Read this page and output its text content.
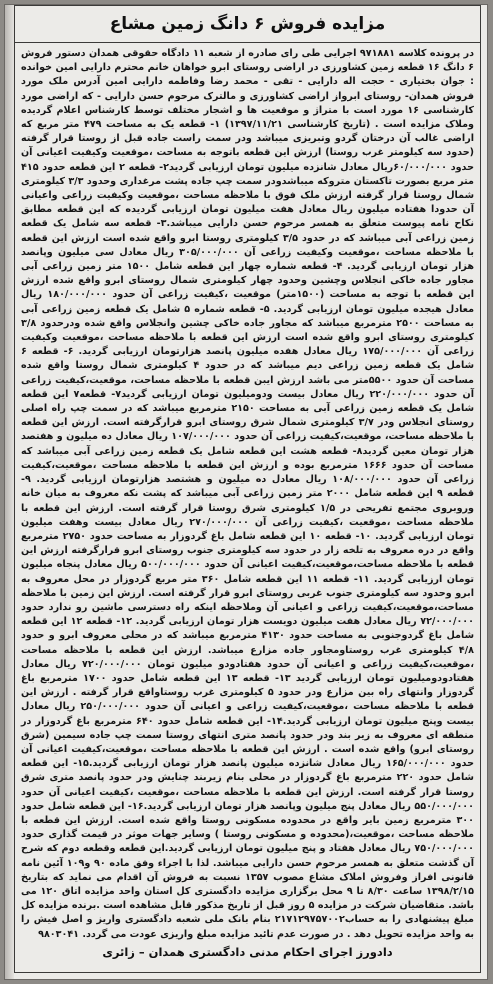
مزایده فروش ۶ دانگ زمین مشاع

در پرونده کلاسه ۹۷۱۸۸۱ اجرایی طی رای صادره از شعبه ۱۱ دادگاه حقوقی همدان دستور فروش ۶ دانگ ۱۶ قطعه زمین کشاورزی در اراضی روستای ابرو خواهان خانم محترم دارایی امین خوانده : جوان بختیاری - حجت اله دارایی - تقی - محمد رضا وفاطمه دارایی امین آدرس ملک مورد فروش همدان- روستای ابرواز اراضی کشاورزی و مالترک مرحوم حسن دارایی - که اراضی مورد کارشناسی ۱۶ مورد است با متراژ و موقعیت ها و اشجار مختلف توسط کارشناس اعلام گردیده وملاک مزایده است . (تاریخ کارشناسی ۱۳۹۷/۱۱/۲۱) ۱- قطعه یک به مساحت ۴۷۹ متر مربع که اراضی غالب آن درختان گردو وتبریزی میباشد ودر سمت راست جاده قبل از روستا قرار گرفته (حدود سه کیلومتر غرب روستا) ارزش این قطعه باتوجه به مساحت ،موقعیت وکیفیت اعیانی آن حدود ۶۰/۰۰۰/۰۰۰ریال معادل شانزده میلیون تومان ارزیابی گردید۲- قطعه ۲ این قطعه حدود ۴۱۵ متر مربع بصورت تاکستان متروکه میباشدودر سمت چپ جاده پشت مرغداری وحدود ۳/۳ کیلومتری شمال روستا قرار گرفته ارزش ملک فوق با ملاحظه مساحت ،موقعیت وکیفیت زراعی واعیانی آن حدودا هفتاده میلیون ریال معادل هفت میلیون تومان ارزیابی گردیده که این قطعه مطابق نکاح نامه پیوست متعلق به همسر مرحوم حسن دارایی میباشد.۳- قطعه سه شامل یک قطعه زمین زراعی آبی میباشد که در حدود ۳/۵ کیلومتری روستا ابرو واقع شده است ارزش این قطعه با ملاحظه مساحت ،موقعیت وکیفیت زراعی آن ۳۰۵/۰۰۰/۰۰۰ ریال معادل سی میلیون وپانصد هزار تومان ارزیابی گردید. ۴- قطعه شماره چهار این قطعه شامل ۱۵۰۰ متر زمین زراعی آبی مجاور جاده خاکی انجلاس وچشین وحدود چهار کیلومتری شمال روستای ابرو واقع شده ارزش این قطعه با توجه به مساحت (۱۵۰۰متر) موقعیت ،کیفیت زراعی آن حدود ۱۸۰/۰۰۰/۰۰۰ ریال معادل هیجده میلیون تومان ارزیابی گردید. ۵- قطعه شماره ۵ شامل یک قطعه زمین زراعی آبی به مساحت ۲۵۰۰ مترمربع میباشد که مجاور جاده خاکی چشین وانجلاس واقع شده ودرحدود ۳/۸ کیلومتری روستای ابرو واقع شده است ارزش این قطعه با ملاحظه مساحت ،موقعیت وکیفیت زراعی آن ۱۷۵/۰۰۰/۰۰۰ ریال معادل هفده میلیون پانصد هزارتومان ارزیابی گردید. ۶- قطعه ۶ شامل یک قطعه زمین زراعی دیم میباشد که در حدود ۴ کیلومتری شمال روستا واقع شده مساحت آن حدود ۵۵۰۰متر می باشد ارزش ایبن قطعه با ملاحظه مساحت، موقعیت،کیفیت زراعی آن حدود ۲۲۰/۰۰۰/۰۰۰ ریال معادل بیست ودومیلیون تومان ارزیابی گردید۷- قطعه۷ این قطعه شامل یک قطعه زمین زراعی آبی به مساحت ۲۱۵۰ مترمربع میباشد که در سمت چپ راه اصلی روستای انجلاس ودر ۳/۷ کیلومتری شمال شرق روستای ابرو قرارگرفته است. ارزش این قطعه با ملاحظه مساحت، موقعیت،کیفیت زراعی آن حدود ۱۰۷/۰۰۰/۰۰۰ ریال معادل ده میلیون و هفتصد هزار تومان معین گردید۸- قطعه هشت این قطعه شامل یک قطعه زمین زراعی آبی میباشد که مساحت آن حدود ۱۶۶۶ مترمربع بوده و ارزش این قطعه با ملاحظه مساحت ،موقعیت،کیفیت زراعی آن حدود ۱۰۸/۰۰۰/۰۰۰ ریال معادل ده میلیون و هشتصد هزارتومان ارزیابی گردید. ۹- قطعه ۹ این قطعه شامل ۲۰۰۰ متر زمین زراعی آبی میباشد که پشت نکه معروف به میان خانه وروبروی مجتمع تفریحی در ۱/۵ کیلومتری شرق روستا قرار گرفته است. ارزش این قطعه با ملاحظه مساحت ،موقعیت ،کیفیت زراعی آن ۲۷۰/۰۰۰/۰۰۰ ریال معادل بیست وهفت میلیون تومان ارزیابی گردید. ۱۰- قطعه ۱۰ این قطعه شامل باغ گردوزار به مساحت حدود ۲۷۵۰ مترمربع واقع در دره معروف به تلخه زار در حدود سه کیلومتری جنوب روستای ابرو قرارگرفته ارزش این قطعه با ملاحظه مساحت،موقعیت،کیفیت اعیانی آن حدود ۵۰۰/۰۰۰/۰۰۰ ریال معادل پنجاه میلیون تومان ارزیابی گردید. ۱۱- قطعه ۱۱ این قطعه شامل ۳۶۰ متر مربع گردوزار در محل معروف به ابرو وحدود سه کیلومتری جنوب غربی روستای ابرو قرار گرفته است. ارزش این زمین با ملاحظه مساحت،موقعیت،کیفیت زراعی و اعیانی آن وملاحظه اینکه راه دسترسی ماشین رو ندارد حدود ۷۲/۰۰۰/۰۰۰ ریال معادل هفت میلیون دویست هزار تومان ارزیابی گردید. ۱۲- قطعه ۱۲ این قطعه شامل باغ گردوجنوبی به مساحت حدود ۴۱۳۰ مترمربع میباشد که در محلی معروف ابرو و حدود ۴/۸ کیلومتری غرب روستاومجاور جاده مزارع میباشد. ارزش این قطعه با ملاحظه مساحت ،موقعیت،کیفیت زراعی و اعیانی آن حدود هفتادودو میلیون تومان ۷۲۰/۰۰۰/۰۰۰ ریال معادل هفتادودومیلیون تومان ارزیابی گردید ۱۳- قطعه ۱۳ این قطعه شامل حدود ۱۷۰۰ مترمربع باغ گردوزار وانتهای راه بین مزارع ودر حدود ۵ کیلومتری غرب روستاواقع قرار گرفته . ارزش این قطعه با ملاحظه مساحت ،موقعیت،کیفیت زراعی و اعیانی آن حدود ۲۵۰/۰۰۰/۰۰۰ ریال معادل بیست وپنج میلیون تومان ارزیابی گردید.۱۴- این قطعه شامل حدود ۶۴۰ مترمربع باغ گردوزار در منطقه ای معروف به زیر بند ودر حدود پانصد متری انتهای روستا سمت چپ جاده سیمین (شرق روستای ابرو) واقع شده است . ارزش این قطعه با ملاحظه مساحت ،موقعیت،کیفیت اعیانی آن حدود ۱۶۵/۰۰۰/۰۰۰ ریال معادل شانزده میلیون پانصد هزار تومان ارزیابی گردید.۱۵- این قطعه شامل حدود ۲۲۰ مترمربع باغ گردوزار در محلی بنام زیربند چنایش ودر حدود پانصد متری شرق روستا قرار گرفته است. ارزش این قطعه با ملاحظه مساحت ،موقعیت ،کیفیت اعیانی آن حدود ۵۵۰/۰۰۰/۰۰۰ ریال معادل پنج میلیون وپانصد هزار تومان ارزیابی گردید.۱۶- این قطعه شامل حدود ۳۰۰ مترمربع زمین بایر واقع در محدوده مسکونی روستا واقع شده است. ارزش این قطعه با ملاحظه مساحت ،موقعیت،(محدوده و مسکونی روستا ) وسایر جهات موثر در قیمت گذاری حدود ۷۵۰/۰۰۰/۰۰۰ ریال معادل هفتاد و پنج میلیون تومان ارزیابی گردید.این قطعه وقطعه دوم که شرح آن گذشت متعلق به همسر مرحوم حسن دارایی میباشد. لذا با اجراء وفق ماده ۹۰ و۱۰۹ آئین نامه قانونی افراز وفروش املاک مشاع مصوب ۱۳۵۷ نسبت به فروش آن اقدام می نماید که بتاریخ ۱۳۹۸/۲/۱۵ ساعت ۸/۳۰ تا ۹ محل برگزاری مزایده دادگستری کل استان واحد مزایده اتاق ۱۲۰ می باشد. متقاضیان شرکت در مزایده ۵ روز قبل از تاریخ مذکور قابل مشاهده است .برنده مزایده کل مبلغ پیشنهادی را به حساب۲۱۷۱۲۹۷۵۷۰۰۲ بنام بانک ملی شعبه دادگستری واریز و اصل فیش را به واحد مزایده تحویل دهد . در صورت عدم تائید مزایده مبلغ واریزی عودت می گردد. ۹۸۰۳۰۴۱

دادورز اجرای احکام مدنی دادگستری همدان – زائری
